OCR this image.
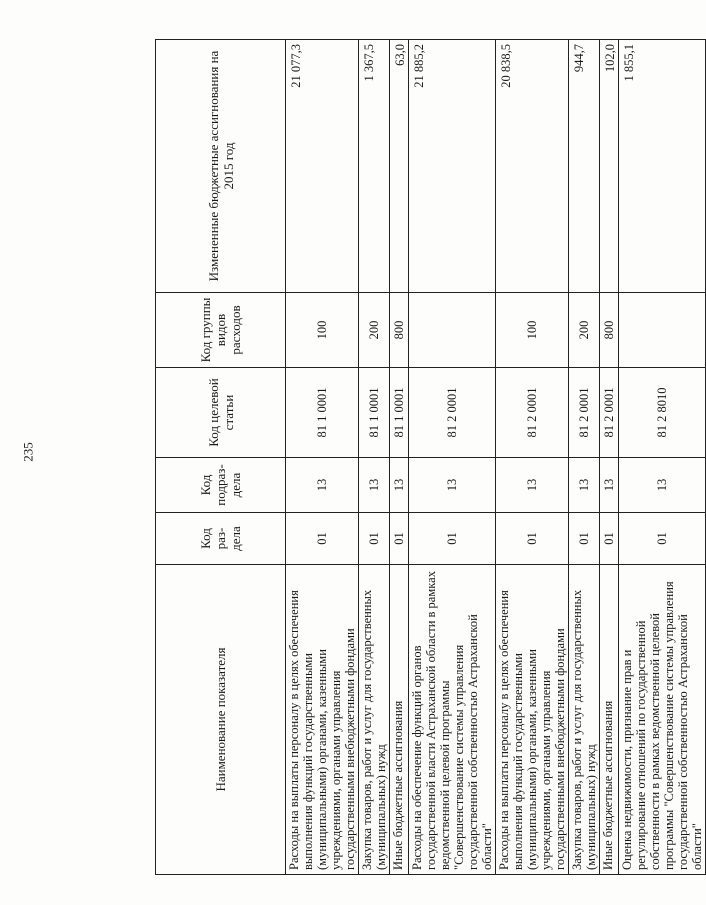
235
Наименование показателя	Код раз-дела	Код подраз-дела	Код целевой статьи	Код группы видов расходов	Измененные бюджетные ассигнования на 2015 год
Расходы на выплаты персоналу в целях обеспечения выполнения функций государственными (муниципальными) органами, казенными учреждениями, органами управления государственными внебюджетными фондами	01	13	81 1 0001	100	21 077,3
Закупка товаров, работ и услуг для государственных (муниципальных) нужд	01	13	81 1 0001	200	1 367,5
Иные бюджетные ассигнования	01	13	81 1 0001	800	63,0
Расходы на обеспечение функций органов государственной власти Астраханской области в рамках ведомственной целевой программы "Совершенствование системы управления государственной собственностью Астраханской области"	01	13	81 2 0001		21 885,2
Расходы на выплаты персоналу в целях обеспечения выполнения функций государственными (муниципальными) органами, казенными учреждениями, органами управления государственными внебюджетными фондами	01	13	81 2 0001	100	20 838,5
Закупка товаров, работ и услуг для государственных (муниципальных) нужд	01	13	81 2 0001	200	944,7
Иные бюджетные ассигнования	01	13	81 2 0001	800	102,0
Оценка недвижимости, признание прав и регулирование отношений по государственной собственности в рамках ведомственной целевой программы "Совершенствование системы управления государственной собственностью Астраханской области"	01	13	81 2 8010		1 855,1
